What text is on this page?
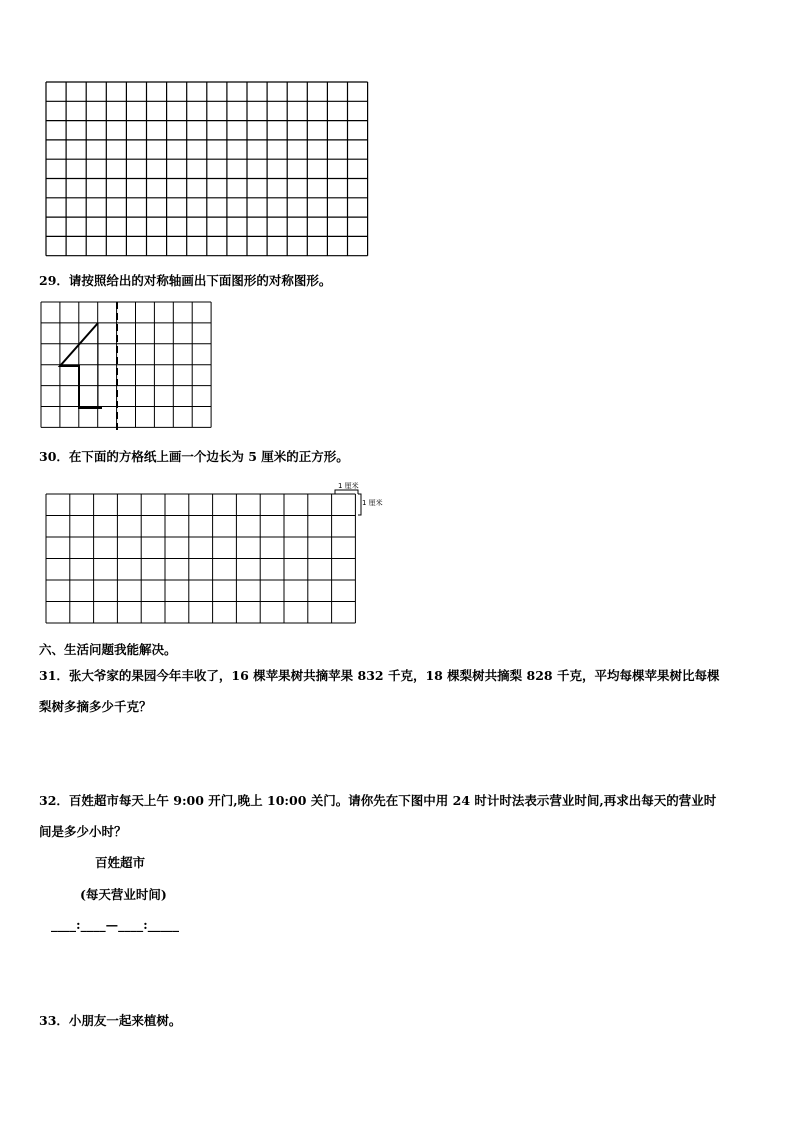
29．请按照给出的对称轴画出下面图形的对称图形。
30．在下面的方格纸上画一个边长为 5 厘米的正方形。
1 厘米
1 厘米
六、生活问题我能解决。
31．张大爷家的果园今年丰收了，16 棵苹果树共摘苹果 832 千克，18 棵梨树共摘梨 828 千克，平均每棵苹果树比每棵
梨树多摘多少千克？
32．百姓超市每天上午 9:00 开门,晚上 10:00 关门。请你先在下图中用 24 时计时法表示营业时间,再求出每天的营业时
间是多少小时？
百姓超市
(每天营业时间)
____:____—____:_____
33．小朋友一起来植树。
